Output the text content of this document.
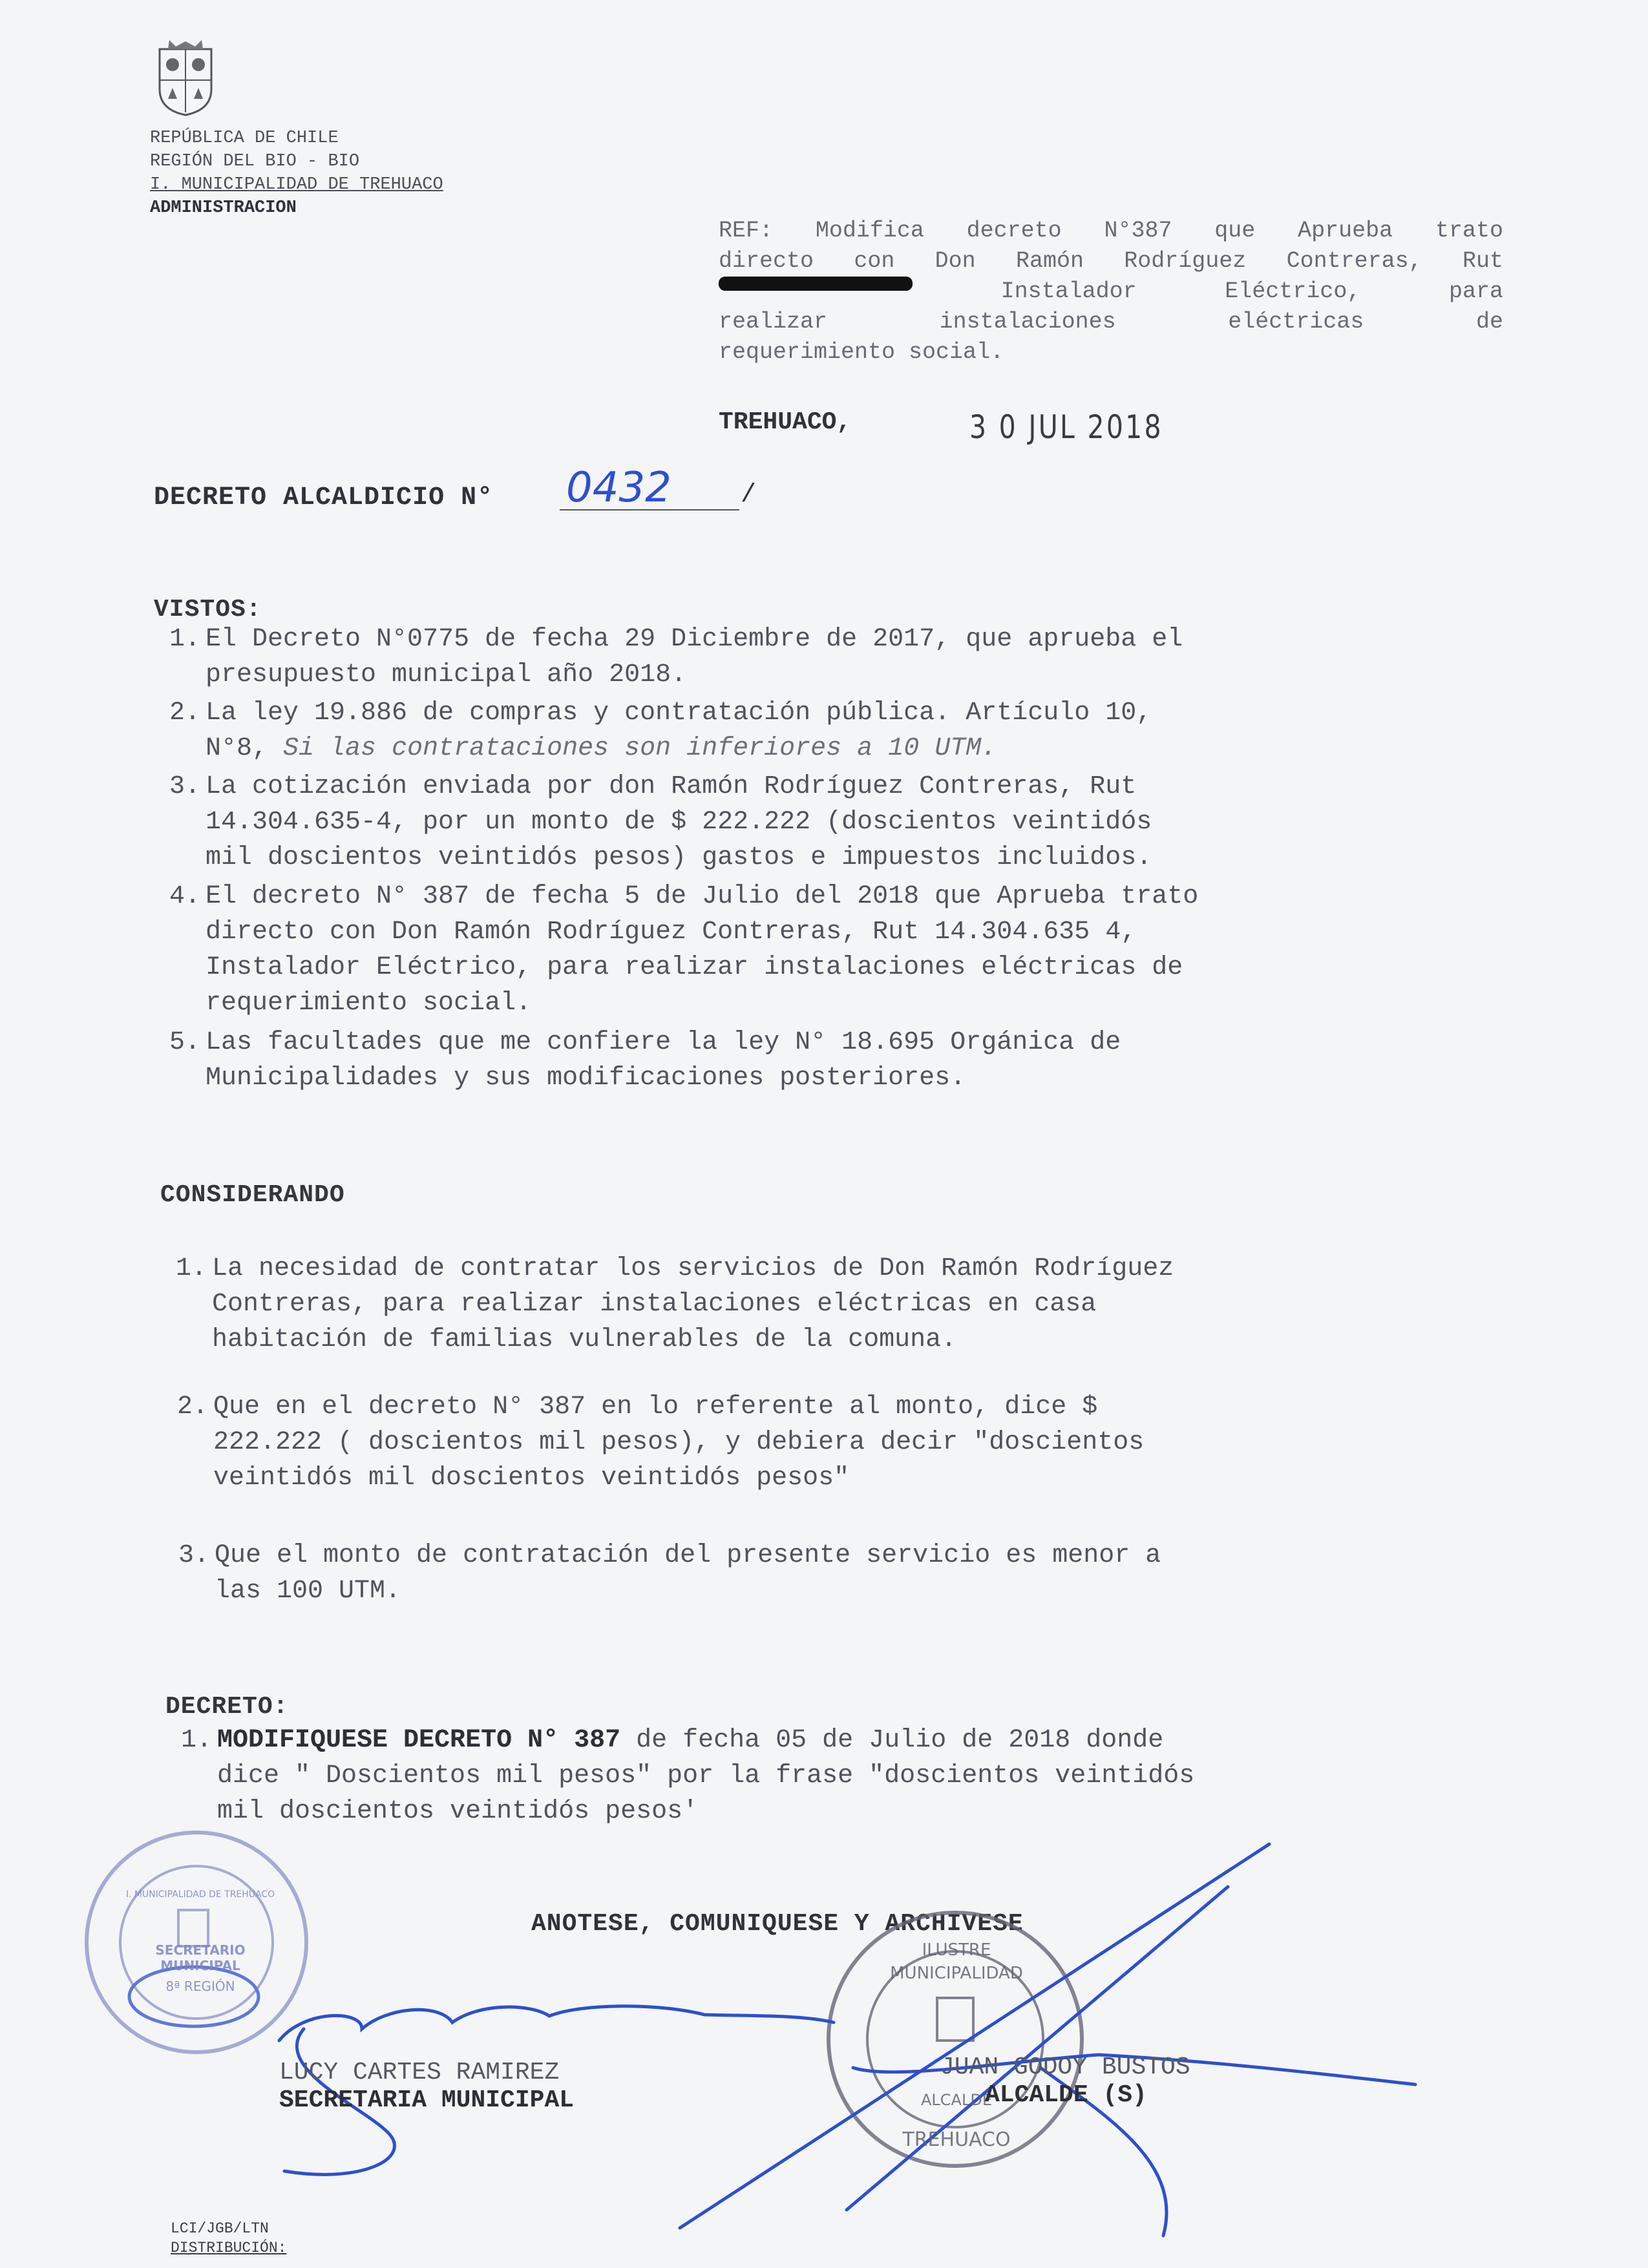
REPÚBLICA DE CHILE
REGIÓN DEL BIO - BIO
I. MUNICIPALIDAD DE TREHUACO
ADMINISTRACION
REF: Modifica decreto N°387 que Aprueba trato
directo con Don Ramón Rodríguez Contreras, Rut
Instalador	Eléctrico,	para
realizar	instalaciones	eléctricas	de
requerimiento social.
TREHUACO,	3 0 JUL 2018
DECRETO ALCALDICIO N° 0432	/
VISTOS:
1. El Decreto N°0775 de fecha 29 Diciembre de 2017, que aprueba el
presupuesto municipal año 2018.
2. La ley 19.886 de compras y contratación pública. Artículo 10,
N°8, Si las contrataciones son inferiores a 10 UTM.
3. La cotización enviada por don Ramón Rodríguez Contreras, Rut
14.304.635-4, por un monto de $ 222.222 (doscientos veintidós
mil doscientos veintidós pesos) gastos e impuestos incluidos.
4. El decreto N° 387 de fecha 5 de Julio del 2018 que Aprueba trato
directo con Don Ramón Rodríguez Contreras, Rut 14.304.635 4,
Instalador Eléctrico, para realizar instalaciones eléctricas de
requerimiento social.
5. Las facultades que me confiere la ley N° 18.695 Orgánica de
Municipalidades y sus modificaciones posteriores.
CONSIDERANDO
1. La necesidad de contratar los servicios de Don Ramón Rodríguez
Contreras, para realizar instalaciones eléctricas en casa
habitación de familias vulnerables de la comuna.
2. Que en el decreto N° 387 en lo referente al monto, dice $
222.222 ( doscientos mil pesos), y debiera decir "doscientos
veintidós mil doscientos veintidós pesos"
3. Que el monto de contratación del presente servicio es menor a
las 100 UTM.
DECRETO:
1. MODIFIQUESE DECRETO N° 387 de fecha 05 de Julio de 2018 donde
dice " Doscientos mil pesos" por la frase "doscientos veintidós
mil doscientos veintidós pesos'
ANOTESE, COMUNIQUESE Y ARCHIVESE
I. MUNICIPALIDAD DE TREHUACO
SECRETARIO MUNICIPAL
8ª REGIÓN
ILUSTRE MUNICIPALIDAD
ALCALDE
TREHUACO
LUCY CARTES RAMIREZ
SECRETARIA MUNICIPAL
JUAN GODOY BUSTOS
ALCALDE (S)
LCI/JGB/LTN
DISTRIBUCIÓN:
